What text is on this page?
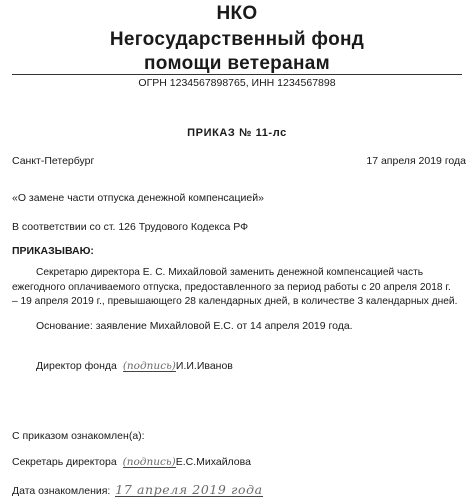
НКО
Негосударственный фонд
помощи ветеранам
ОГРН 1234567898765, ИНН 1234567898
ПРИКАЗ № 11-лс
Санкт-Петербург	17 апреля 2019 года
«О замене части отпуска денежной компенсацией»
В соответствии со ст. 126 Трудового Кодекса РФ
ПРИКАЗЫВАЮ:
Секретарю директора Е. С. Михайловой заменить денежной компенсацией часть
ежегодного оплачиваемого отпуска, предоставленного за период работы с 20 апреля 2018 г.
– 19 апреля 2019 г., превышающего 28 календарных дней, в количестве 3 календарных дней.
Основание: заявление Михайловой Е.С. от 14 апреля 2019 года.
Директор фонда (подпись)И.И.Иванов
С приказом ознакомлен(а):
Секретарь директора (подпись)Е.С.Михайлова
Дата ознакомления: 17 апреля 2019 года
